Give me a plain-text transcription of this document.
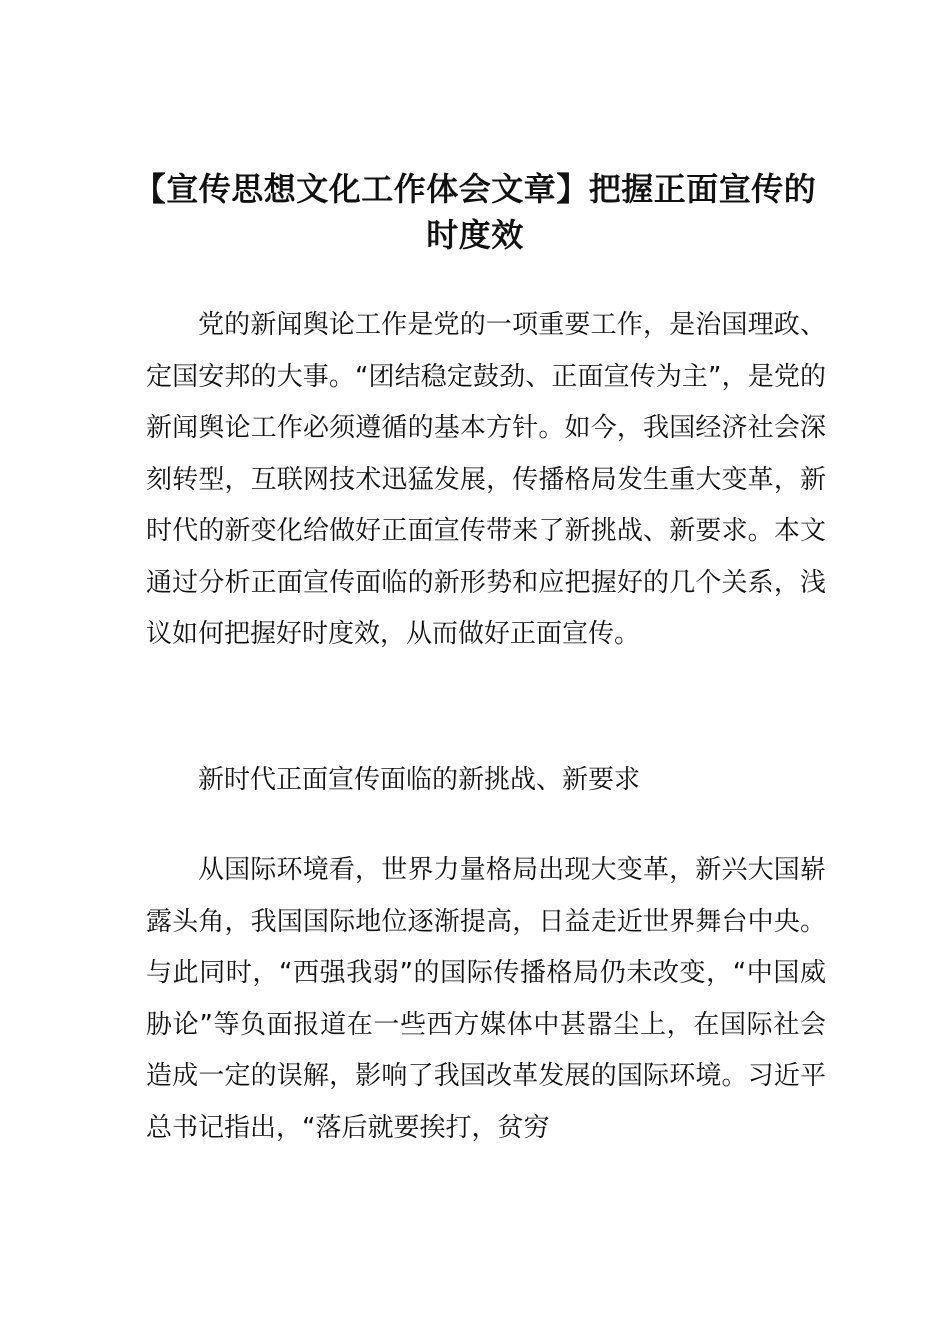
【宣传思想文化工作体会文章】把握正面宣传的时度效

党的新闻舆论工作是党的一项重要工作，是治国理政、定国安邦的大事。“团结稳定鼓劲、正面宣传为主”，是党的新闻舆论工作必须遵循的基本方针。如今，我国经济社会深刻转型，互联网技术迅猛发展，传播格局发生重大变革，新时代的新变化给做好正面宣传带来了新挑战、新要求。本文通过分析正面宣传面临的新形势和应把握好的几个关系，浅议如何把握好时度效，从而做好正面宣传。

新时代正面宣传面临的新挑战、新要求

从国际环境看，世界力量格局出现大变革，新兴大国崭露头角，我国国际地位逐渐提高，日益走近世界舞台中央。与此同时，“西强我弱”的国际传播格局仍未改变，“中国威胁论”等负面报道在一些西方媒体中甚嚣尘上，在国际社会造成一定的误解，影响了我国改革发展的国际环境。习近平总书记指出，“落后就要挨打，贫穷
